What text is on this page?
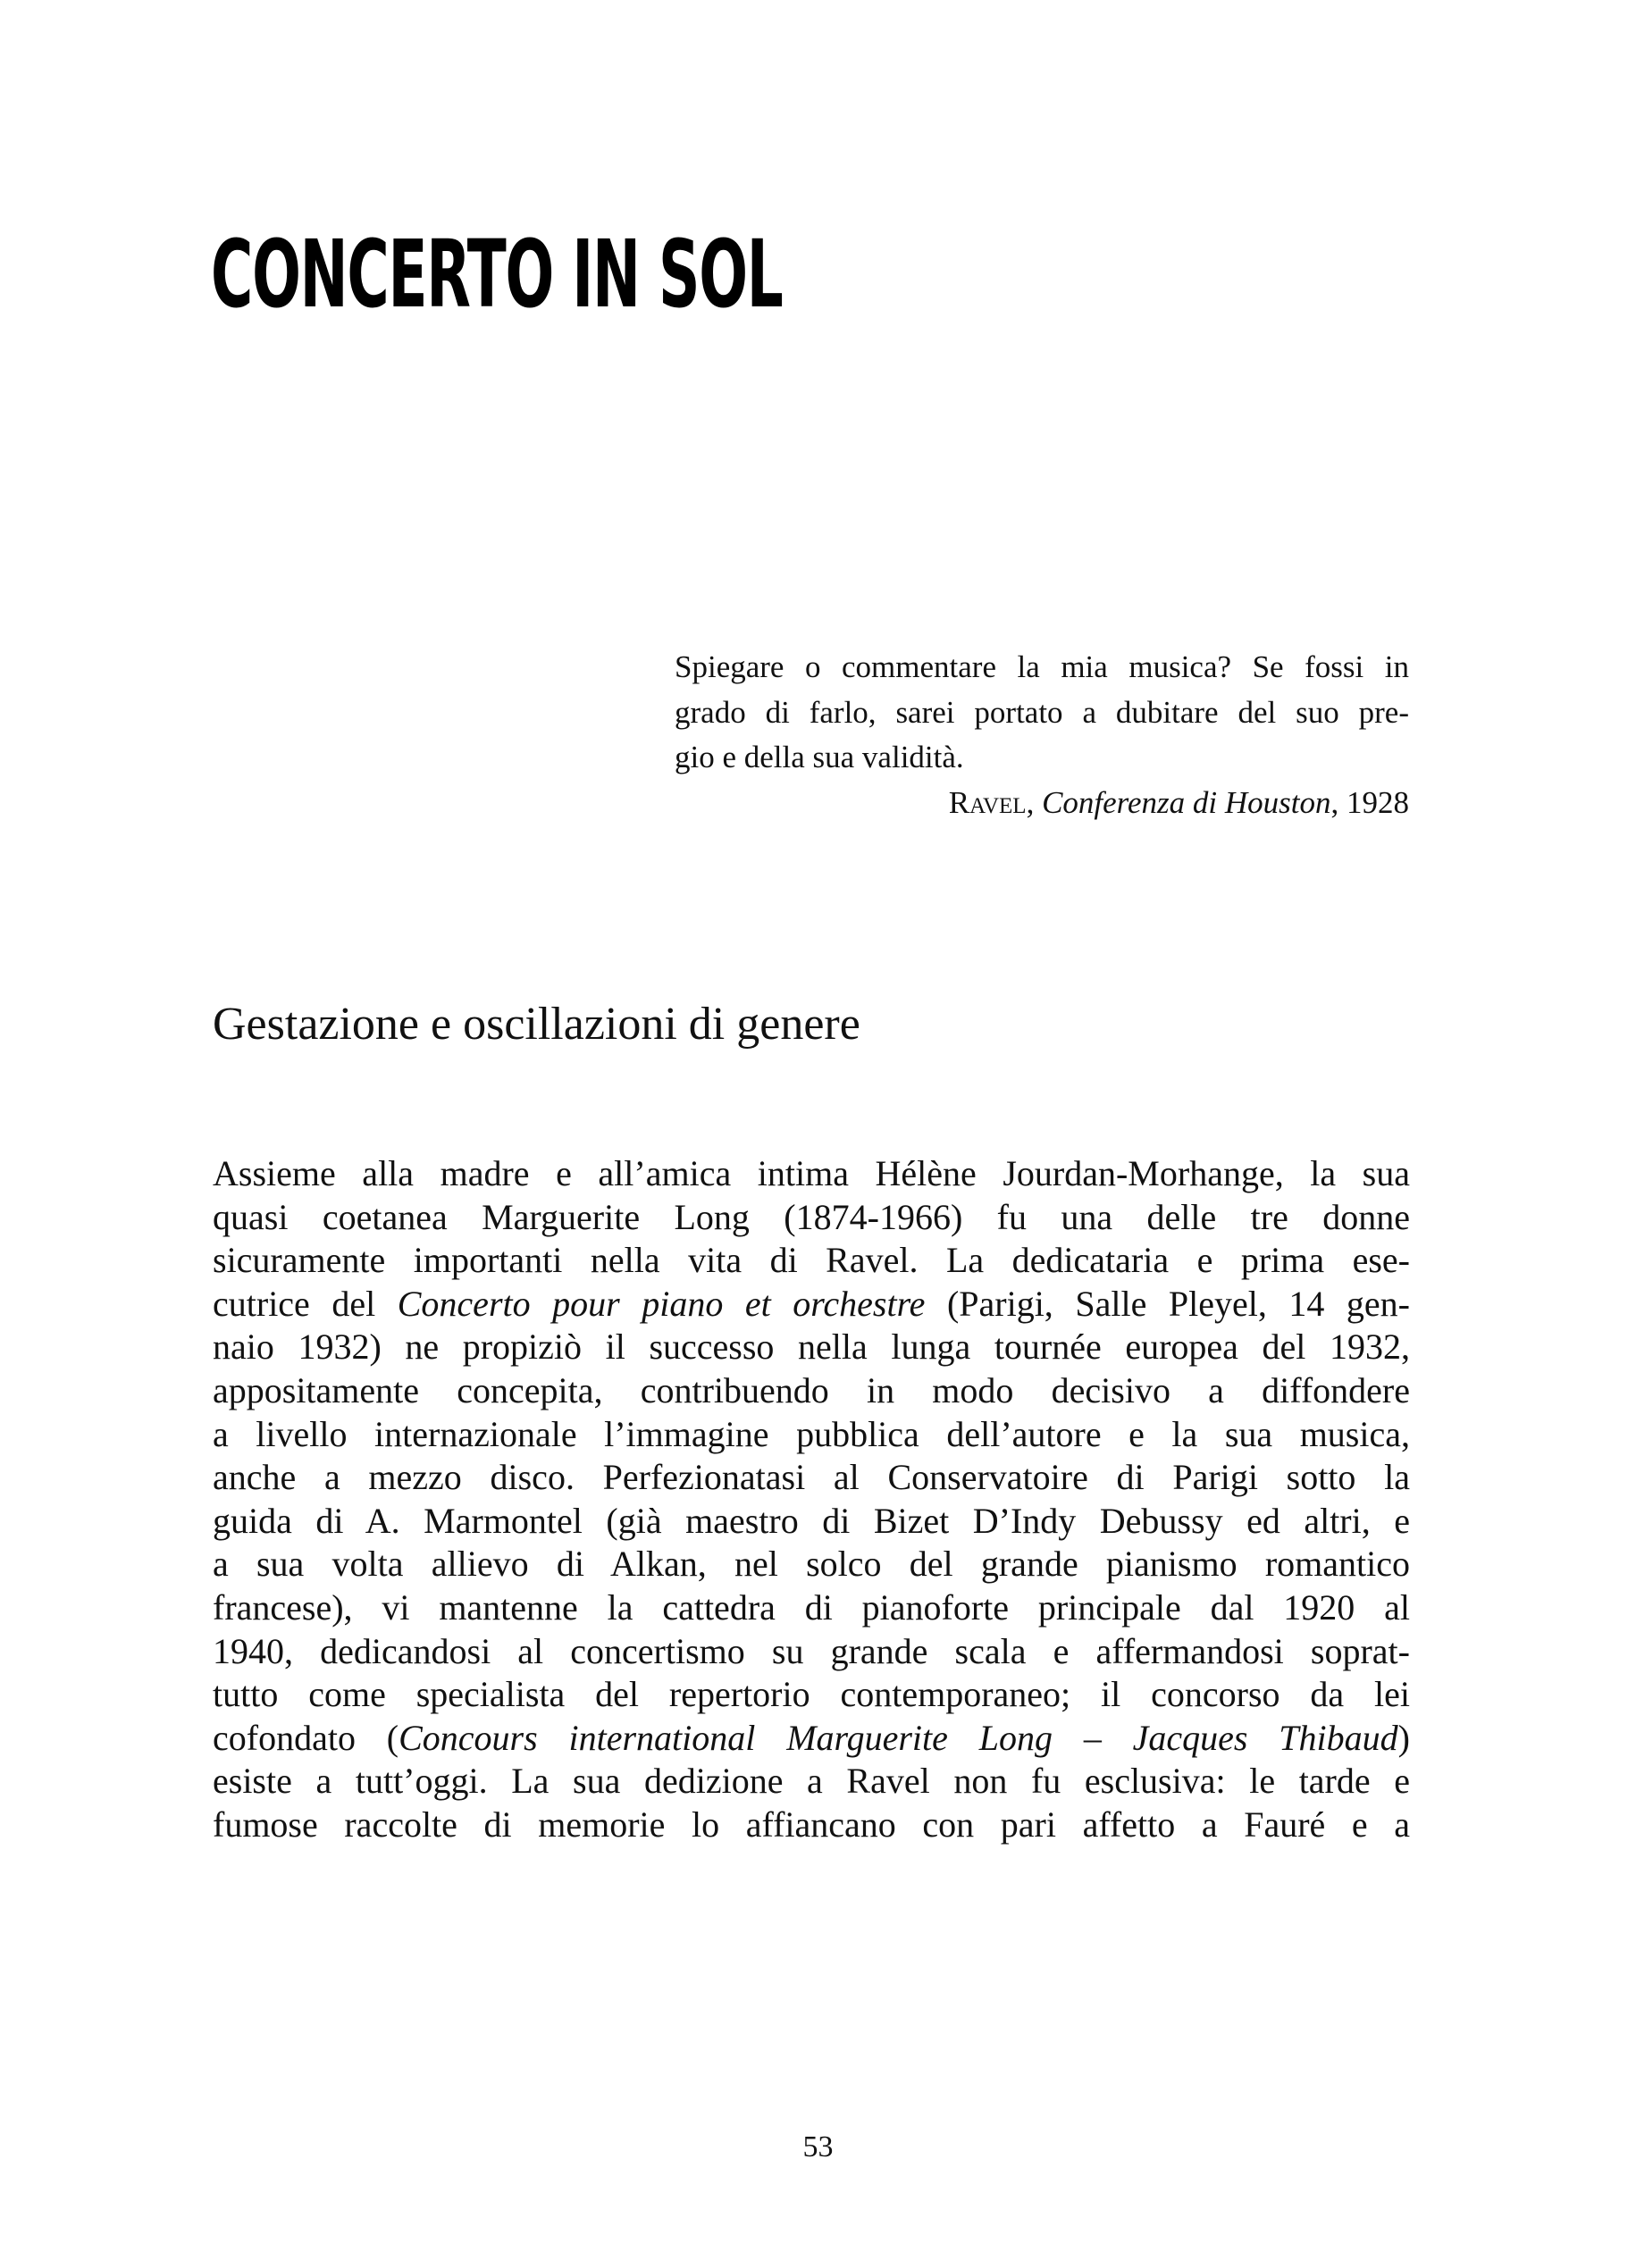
CONCERTO IN SOL
Spiegare o commentare la mia musica? Se fossi in
grado di farlo, sarei portato a dubitare del suo pre-
gio e della sua validità.
Ravel, Conferenza di Houston, 1928
Gestazione e oscillazioni di genere
Assieme alla madre e all’amica intima Hélène Jourdan-Morhange, la sua
quasi coetanea Marguerite Long (1874-1966) fu una delle tre donne
sicuramente importanti nella vita di Ravel. La dedicataria e prima ese-
cutrice del Concerto pour piano et orchestre (Parigi, Salle Pleyel, 14 gen-
naio 1932) ne propiziò il successo nella lunga tournée europea del 1932,
appositamente concepita, contribuendo in modo decisivo a diffondere
a livello internazionale l’immagine pubblica dell’autore e la sua musica,
anche a mezzo disco. Perfezionatasi al Conservatoire di Parigi sotto la
guida di A. Marmontel (già maestro di Bizet D’Indy Debussy ed altri, e
a sua volta allievo di Alkan, nel solco del grande pianismo romantico
francese), vi mantenne la cattedra di pianoforte principale dal 1920 al
1940, dedicandosi al concertismo su grande scala e affermandosi soprat-
tutto come specialista del repertorio contemporaneo; il concorso da lei
cofondato (Concours international Marguerite Long – Jacques Thibaud)
esiste a tutt’oggi. La sua dedizione a Ravel non fu esclusiva: le tarde e
fumose raccolte di memorie lo affiancano con pari affetto a Fauré e a
53
